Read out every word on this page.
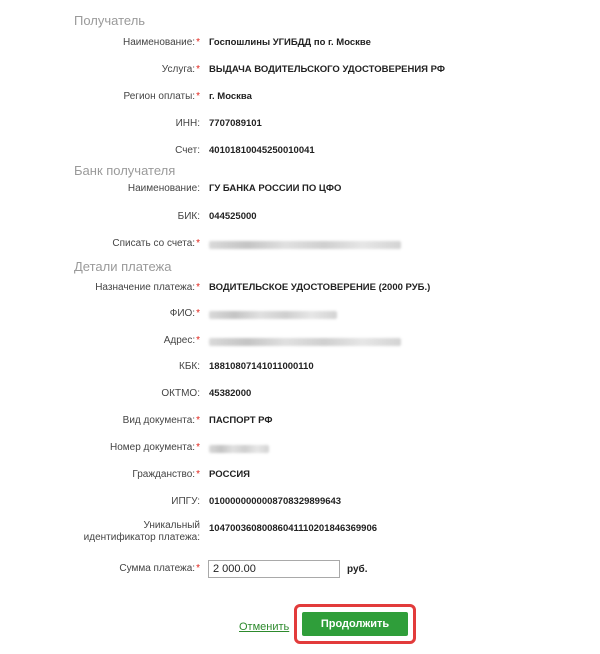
Получатель
Банк получателя
Детали платежа
Наименование:* Госпошлины УГИБДД по г. Москве
Услуга:* ВЫДАЧА ВОДИТЕЛЬСКОГО УДОСТОВЕРЕНИЯ РФ
Регион оплаты:* г. Москва
ИНН: 7707089101
Счет: 40101810045250010041
Наименование: ГУ БАНКА РОССИИ ПО ЦФО
БИК: 044525000
Списать со счета:*
Назначение платежа:* ВОДИТЕЛЬСКОЕ УДОСТОВЕРЕНИЕ (2000 РУБ.)
ФИО:*
Адрес:*
КБК: 18810807141011000110
ОКТМО: 45382000
Вид документа:* ПАСПОРТ РФ
Номер документа:*
Гражданство:* РОССИЯ
ИПГУ: 0100000000008708329899643
Уникальный
идентификатор платежа:
10470036080086041110201846369906
Сумма платежа:*
2 000.00	руб.
Отменить	Продолжить
